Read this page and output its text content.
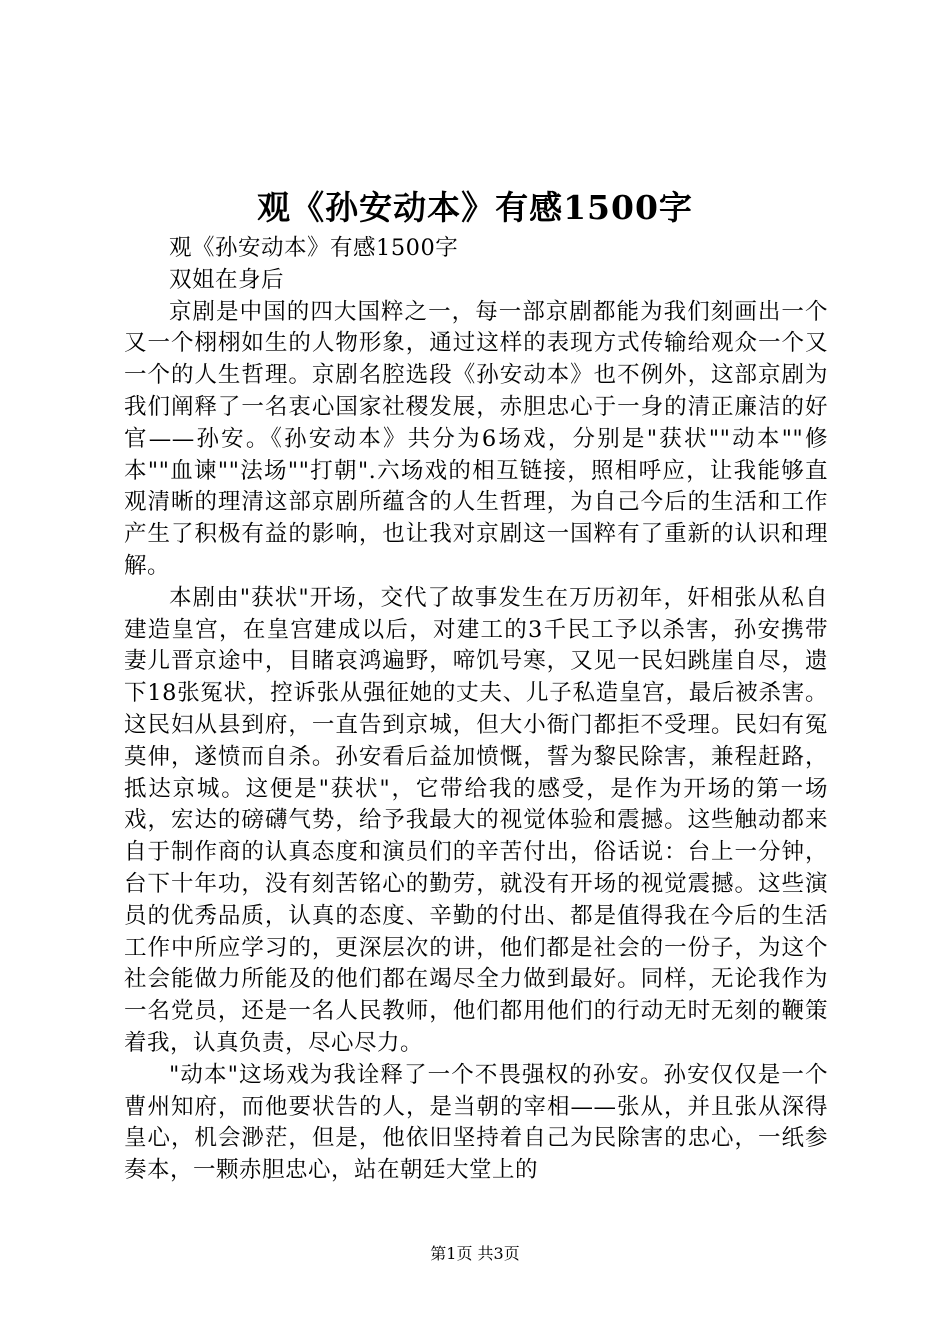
观《孙安动本》有感1500字

观《孙安动本》有感1500字

双姐在身后

京剧是中国的四大国粹之一，每一部京剧都能为我们刻画出一个又一个栩栩如生的人物形象，通过这样的表现方式传输给观众一个又一个的人生哲理。京剧名腔选段《孙安动本》也不例外，这部京剧为我们阐释了一名衷心国家社稷发展，赤胆忠心于一身的清正廉洁的好官——孙安。《孙安动本》共分为6场戏，分别是"获状""动本""修本""血谏""法场""打朝".六场戏的相互链接，照相呼应，让我能够直观清晰的理清这部京剧所蕴含的人生哲理，为自己今后的生活和工作产生了积极有益的影响，也让我对京剧这一国粹有了重新的认识和理解。

本剧由"获状"开场，交代了故事发生在万历初年，奸相张从私自建造皇宫，在皇宫建成以后，对建工的3千民工予以杀害，孙安携带妻儿晋京途中，目睹哀鸿遍野，啼饥号寒，又见一民妇跳崖自尽，遗下18张冤状，控诉张从强征她的丈夫、儿子私造皇宫，最后被杀害。这民妇从县到府，一直告到京城，但大小衙门都拒不受理。民妇有冤莫伸，遂愤而自杀。孙安看后益加愤慨，誓为黎民除害，兼程赶路，抵达京城。这便是"获状"，它带给我的感受，是作为开场的第一场戏，宏达的磅礴气势，给予我最大的视觉体验和震撼。这些触动都来自于制作商的认真态度和演员们的辛苦付出，俗话说：台上一分钟，台下十年功，没有刻苦铭心的勤劳，就没有开场的视觉震撼。这些演员的优秀品质，认真的态度、辛勤的付出、都是值得我在今后的生活工作中所应学习的，更深层次的讲，他们都是社会的一份子，为这个社会能做力所能及的他们都在竭尽全力做到最好。同样，无论我作为一名党员，还是一名人民教师，他们都用他们的行动无时无刻的鞭策着我，认真负责，尽心尽力。

"动本"这场戏为我诠释了一个不畏强权的孙安。孙安仅仅是一个曹州知府，而他要状告的人，是当朝的宰相——张从，并且张从深得皇心，机会渺茫，但是，他依旧坚持着自己为民除害的忠心，一纸参奏本，一颗赤胆忠心，站在朝廷大堂上的

第1页 共3页
